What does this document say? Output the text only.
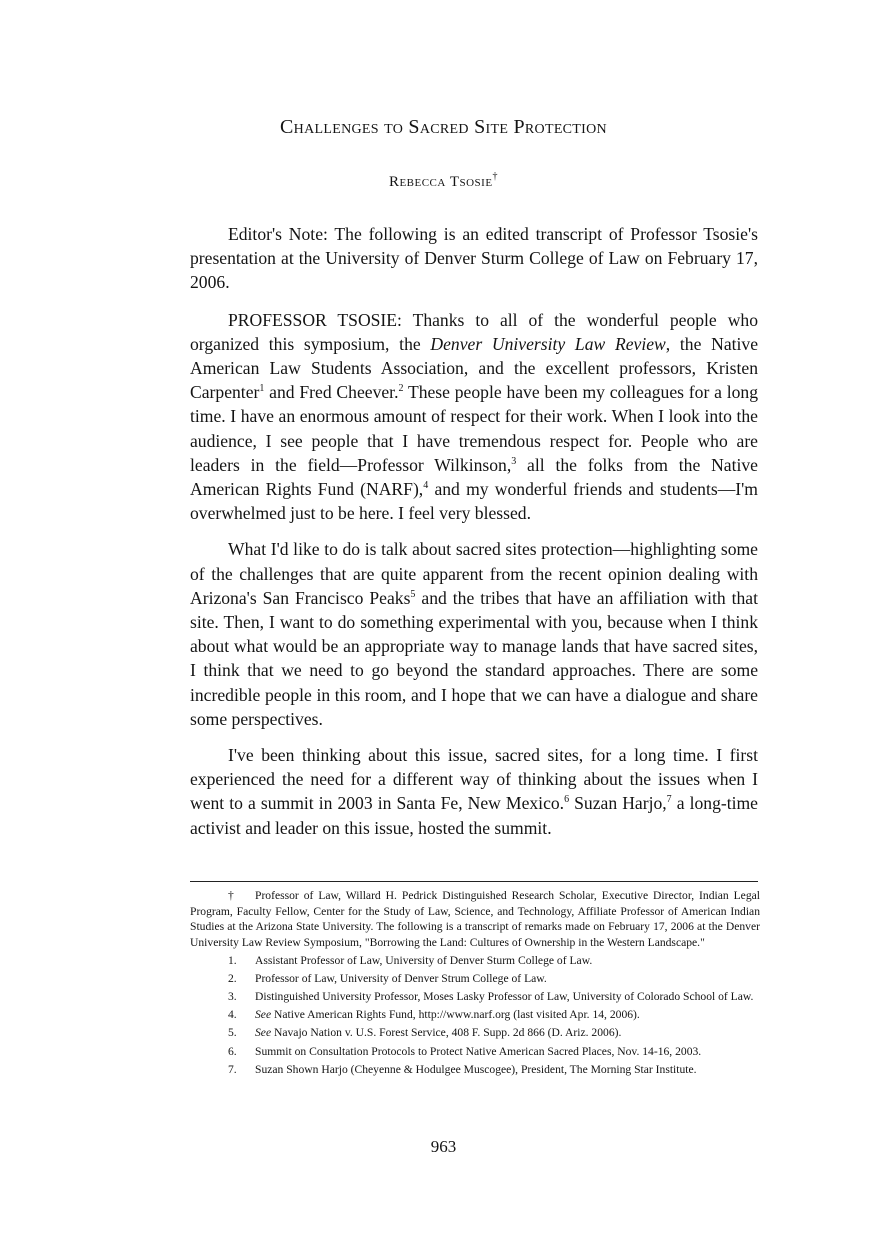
Challenges to Sacred Site Protection
Rebecca Tsosie†

Editor's Note: The following is an edited transcript of Professor Tsosie's presentation at the University of Denver Sturm College of Law on February 17, 2006.

PROFESSOR TSOSIE: Thanks to all of the wonderful people who organized this symposium, the Denver University Law Review, the Native American Law Students Association, and the excellent professors, Kristen Carpenter$^1$ and Fred Cheever.$^2$ These people have been my colleagues for a long time. I have an enormous amount of respect for their work. When I look into the audience, I see people that I have tremendous respect for. People who are leaders in the field—Professor Wilkinson,$^3$ all the folks from the Native American Rights Fund (NARF),$^4$ and my wonderful friends and students—I'm overwhelmed just to be here. I feel very blessed.

What I'd like to do is talk about sacred sites protection—highlighting some of the challenges that are quite apparent from the recent opinion dealing with Arizona's San Francisco Peaks$^5$ and the tribes that have an affiliation with that site. Then, I want to do something experimental with you, because when I think about what would be an appropriate way to manage lands that have sacred sites, I think that we need to go beyond the standard approaches. There are some incredible people in this room, and I hope that we can have a dialogue and share some perspectives.

I've been thinking about this issue, sacred sites, for a long time. I first experienced the need for a different way of thinking about the issues when I went to a summit in 2003 in Santa Fe, New Mexico.$^6$ Suzan Harjo,$^7$ a long-time activist and leader on this issue, hosted the summit.

† Professor of Law, Willard H. Pedrick Distinguished Research Scholar, Executive Director, Indian Legal Program, Faculty Fellow, Center for the Study of Law, Science, and Technology, Affiliate Professor of American Indian Studies at the Arizona State University. The following is a transcript of remarks made on February 17, 2006 at the Denver University Law Review Symposium, "Borrowing the Land: Cultures of Ownership in the Western Landscape."

1. Assistant Professor of Law, University of Denver Sturm College of Law.

2. Professor of Law, University of Denver Strum College of Law.

3. Distinguished University Professor, Moses Lasky Professor of Law, University of Colorado School of Law.

4. See Native American Rights Fund, http://www.narf.org (last visited Apr. 14, 2006).

5. See Navajo Nation v. U.S. Forest Service, 408 F. Supp. 2d 866 (D. Ariz. 2006).

6. Summit on Consultation Protocols to Protect Native American Sacred Places, Nov. 14-16, 2003.

7. Suzan Shown Harjo (Cheyenne & Hodulgee Muscogee), President, The Morning Star Institute.

963
